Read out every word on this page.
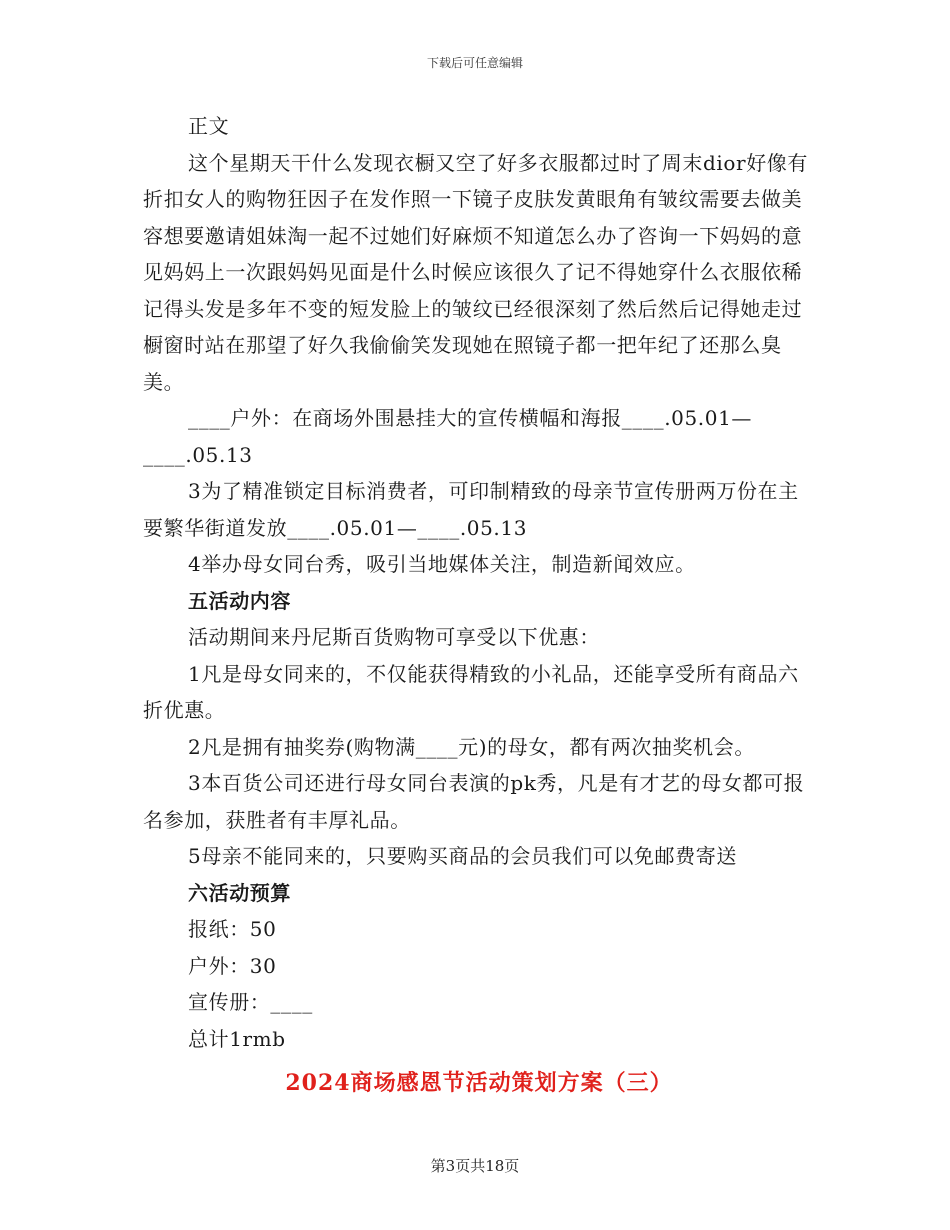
下载后可任意编辑

正文

这个星期天干什么发现衣橱又空了好多衣服都过时了周末dior好像有折扣女人的购物狂因子在发作照一下镜子皮肤发黄眼角有皱纹需要去做美容想要邀请姐妹淘一起不过她们好麻烦不知道怎么办了咨询一下妈妈的意见妈妈上一次跟妈妈见面是什么时候应该很久了记不得她穿什么衣服依稀记得头发是多年不变的短发脸上的皱纹已经很深刻了然后然后记得她走过橱窗时站在那望了好久我偷偷笑发现她在照镜子都一把年纪了还那么臭美。

____户外：在商场外围悬挂大的宣传横幅和海报____.05.01—____.05.13

3为了精准锁定目标消费者，可印制精致的母亲节宣传册两万份在主要繁华街道发放____.05.01—____.05.13

4举办母女同台秀，吸引当地媒体关注，制造新闻效应。

五活动内容

活动期间来丹尼斯百货购物可享受以下优惠：

1凡是母女同来的，不仅能获得精致的小礼品，还能享受所有商品六折优惠。

2凡是拥有抽奖券(购物满____元)的母女，都有两次抽奖机会。

3本百货公司还进行母女同台表演的pk秀，凡是有才艺的母女都可报名参加，获胜者有丰厚礼品。

5母亲不能同来的，只要购买商品的会员我们可以免邮费寄送

六活动预算

报纸：50

户外：30

宣传册：____

总计1rmb

2024商场感恩节活动策划方案（三）
第3页共18页
